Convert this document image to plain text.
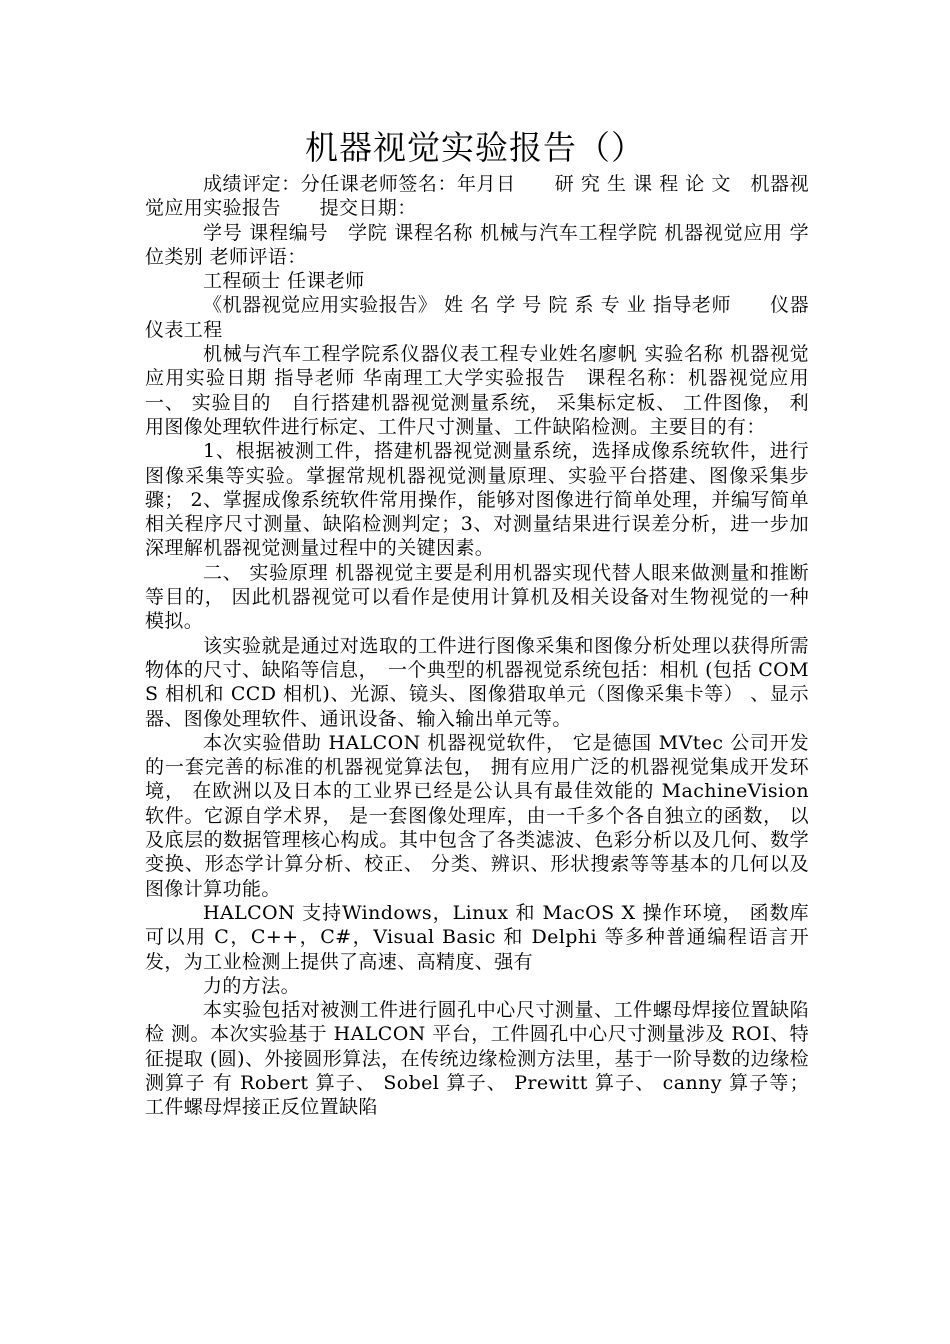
机器视觉实验报告（）

成绩评定：分任课老师签名：年月日　　研 究 生 课 程 论 文　机器视觉应用实验报告　　提交日期：

学号 课程编号　学院 课程名称 机械与汽车工程学院 机器视觉应用 学位类别 老师评语：

工程硕士 任课老师

《机器视觉应用实验报告》 姓 名 学 号 院 系 专 业 指导老师　　仪器仪表工程

机械与汽车工程学院系仪器仪表工程专业姓名廖帆 实验名称 机器视觉应用实验日期 指导老师 华南理工大学实验报告　课程名称：机器视觉应用　　　一、 实验目的　自行搭建机器视觉测量系统， 采集标定板、 工件图像， 利用图像处理软件进行标定、工件尺寸测量、工件缺陷检测。主要目的有：

1、根据被测工件，搭建机器视觉测量系统，选择成像系统软件，进行图像采集等实验。掌握常规机器视觉测量原理、实验平台搭建、图像采集步骤； 2、掌握成像系统软件常用操作，能够对图像进行简单处理，并编写简单相关程序尺寸测量、缺陷检测判定；3、对测量结果进行误差分析，进一步加深理解机器视觉测量过程中的关键因素。

二、 实验原理 机器视觉主要是利用机器实现代替人眼来做测量和推断等目的， 因此机器视觉可以看作是使用计算机及相关设备对生物视觉的一种模拟。

该实验就是通过对选取的工件进行图像采集和图像分析处理以获得所需物体的尺寸、缺陷等信息，　一个典型的机器视觉系统包括：相机 (包括 COMS 相机和 CCD 相机)、光源、镜头、图像猎取单元（图像采集卡等） 、显示器、图像处理软件、通讯设备、输入输出单元等。

本次实验借助 HALCON 机器视觉软件， 它是德国 MVtec 公司开发的一套完善的标准的机器视觉算法包， 拥有应用广泛的机器视觉集成开发环境， 在欧洲以及日本的工业界已经是公认具有最佳效能的 MachineVision 软件。它源自学术界， 是一套图像处理库，由一千多个各自独立的函数， 以及底层的数据管理核心构成。其中包含了各类滤波、色彩分析以及几何、数学变换、形态学计算分析、校正、 分类、辨识、形状搜索等等基本的几何以及图像计算功能。

HALCON 支持Windows，Linux 和 MacOS X 操作环境， 函数库可以用 C，C++，C#，Visual Basic 和 Delphi 等多种普通编程语言开发，为工业检测上提供了高速、高精度、强有

力的方法。

本实验包括对被测工件进行圆孔中心尺寸测量、工件螺母焊接位置缺陷检 测。本次实验基于 HALCON 平台，工件圆孔中心尺寸测量涉及 ROI、特征提取 (圆)、外接圆形算法，在传统边缘检测方法里，基于一阶导数的边缘检测算子 有 Robert 算子、 Sobel 算子、 Prewitt 算子、 canny 算子等；工件螺母焊接正反位置缺陷
